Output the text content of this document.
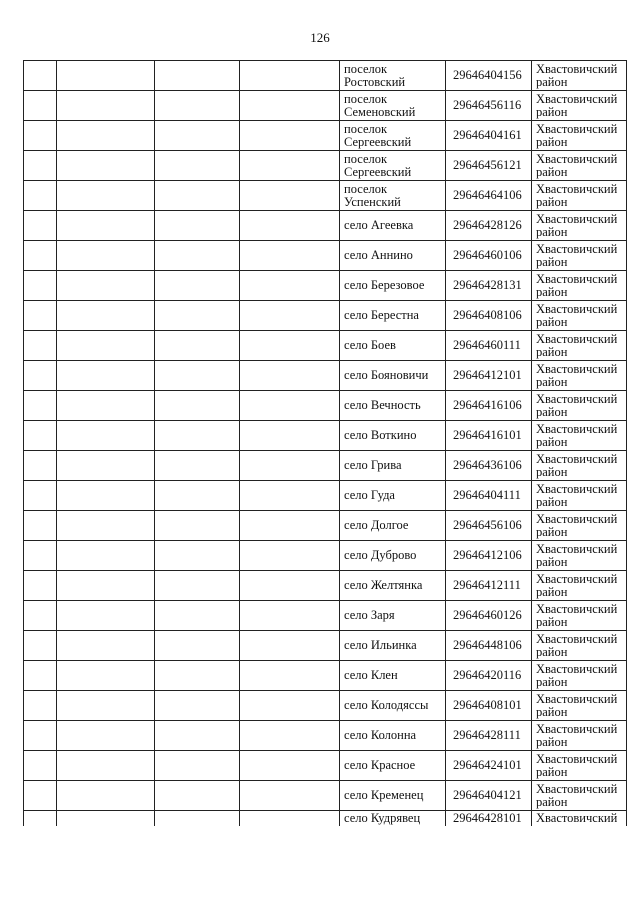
126
				поселок Ростовский	29646404156	Хвастовичский район
				поселок Семеновский	29646456116	Хвастовичский район
				поселок Сергеевский	29646404161	Хвастовичский район
				поселок Сергеевский	29646456121	Хвастовичский район
				поселок Успенский	29646464106	Хвастовичский район
				село Агеевка	29646428126	Хвастовичский район
				село Аннино	29646460106	Хвастовичский район
				село Березовое	29646428131	Хвастовичский район
				село Берестна	29646408106	Хвастовичский район
				село Боев	29646460111	Хвастовичский район
				село Бояновичи	29646412101	Хвастовичский район
				село Вечность	29646416106	Хвастовичский район
				село Воткино	29646416101	Хвастовичский район
				село Грива	29646436106	Хвастовичский район
				село Гуда	29646404111	Хвастовичский район
				село Долгое	29646456106	Хвастовичский район
				село Дуброво	29646412106	Хвастовичский район
				село Желтянка	29646412111	Хвастовичский район
				село Заря	29646460126	Хвастовичский район
				село Ильинка	29646448106	Хвастовичский район
				село Клен	29646420116	Хвастовичский район
				село Колодяссы	29646408101	Хвастовичский район
				село Колонна	29646428111	Хвастовичский район
				село Красное	29646424101	Хвастовичский район
				село Кременец	29646404121	Хвастовичский район
				село Кудрявец	29646428101	Хвастовичский
